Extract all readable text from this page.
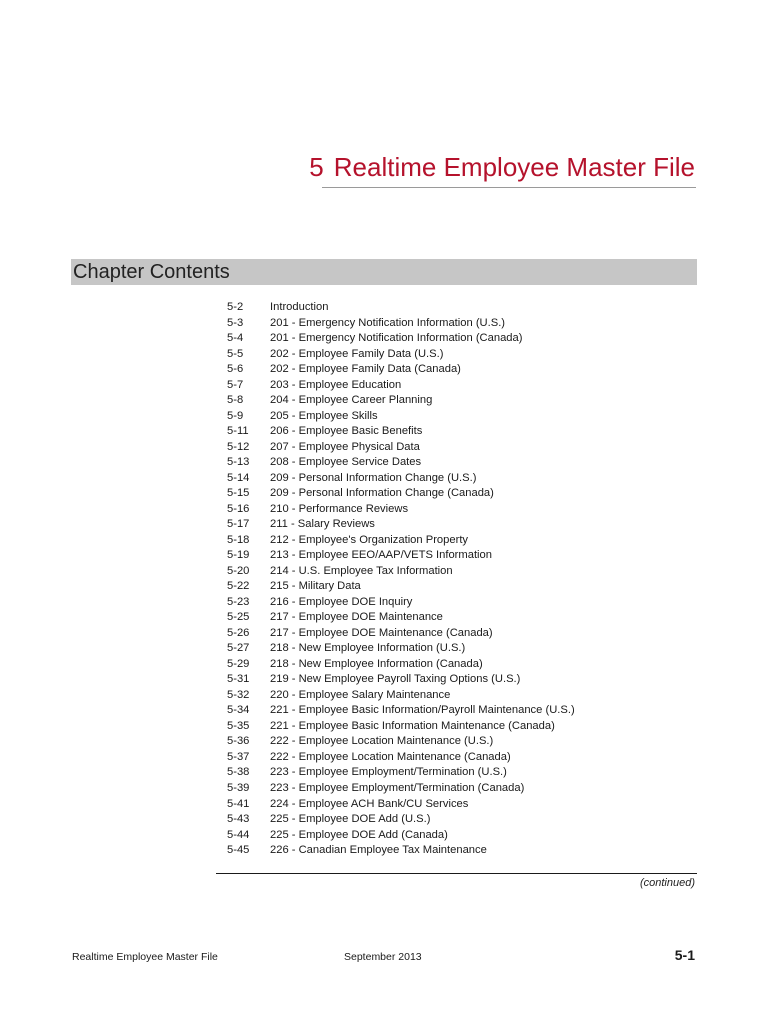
5 Realtime Employee Master File
Chapter Contents
5-2 Introduction
5-3 201 - Emergency Notification Information (U.S.)
5-4 201 - Emergency Notification Information (Canada)
5-5 202 - Employee Family Data (U.S.)
5-6 202 - Employee Family Data (Canada)
5-7 203 - Employee Education
5-8 204 - Employee Career Planning
5-9 205 - Employee Skills
5-11 206 - Employee Basic Benefits
5-12 207 - Employee Physical Data
5-13 208 - Employee Service Dates
5-14 209 - Personal Information Change (U.S.)
5-15 209 - Personal Information Change (Canada)
5-16 210 - Performance Reviews
5-17 211 - Salary Reviews
5-18 212 - Employee's Organization Property
5-19 213 - Employee EEO/AAP/VETS Information
5-20 214 - U.S. Employee Tax Information
5-22 215 - Military Data
5-23 216 - Employee DOE Inquiry
5-25 217 - Employee DOE Maintenance
5-26 217 - Employee DOE Maintenance (Canada)
5-27 218 - New Employee Information (U.S.)
5-29 218 - New Employee Information (Canada)
5-31 219 - New Employee Payroll Taxing Options (U.S.)
5-32 220 - Employee Salary Maintenance
5-34 221 - Employee Basic Information/Payroll Maintenance (U.S.)
5-35 221 - Employee Basic Information Maintenance (Canada)
5-36 222 - Employee Location Maintenance (U.S.)
5-37 222 - Employee Location Maintenance (Canada)
5-38 223 - Employee Employment/Termination (U.S.)
5-39 223 - Employee Employment/Termination (Canada)
5-41 224 - Employee ACH Bank/CU Services
5-43 225 - Employee DOE Add (U.S.)
5-44 225 - Employee DOE Add (Canada)
5-45 226 - Canadian Employee Tax Maintenance
(continued)
Realtime Employee Master File	September 2013	5-1
